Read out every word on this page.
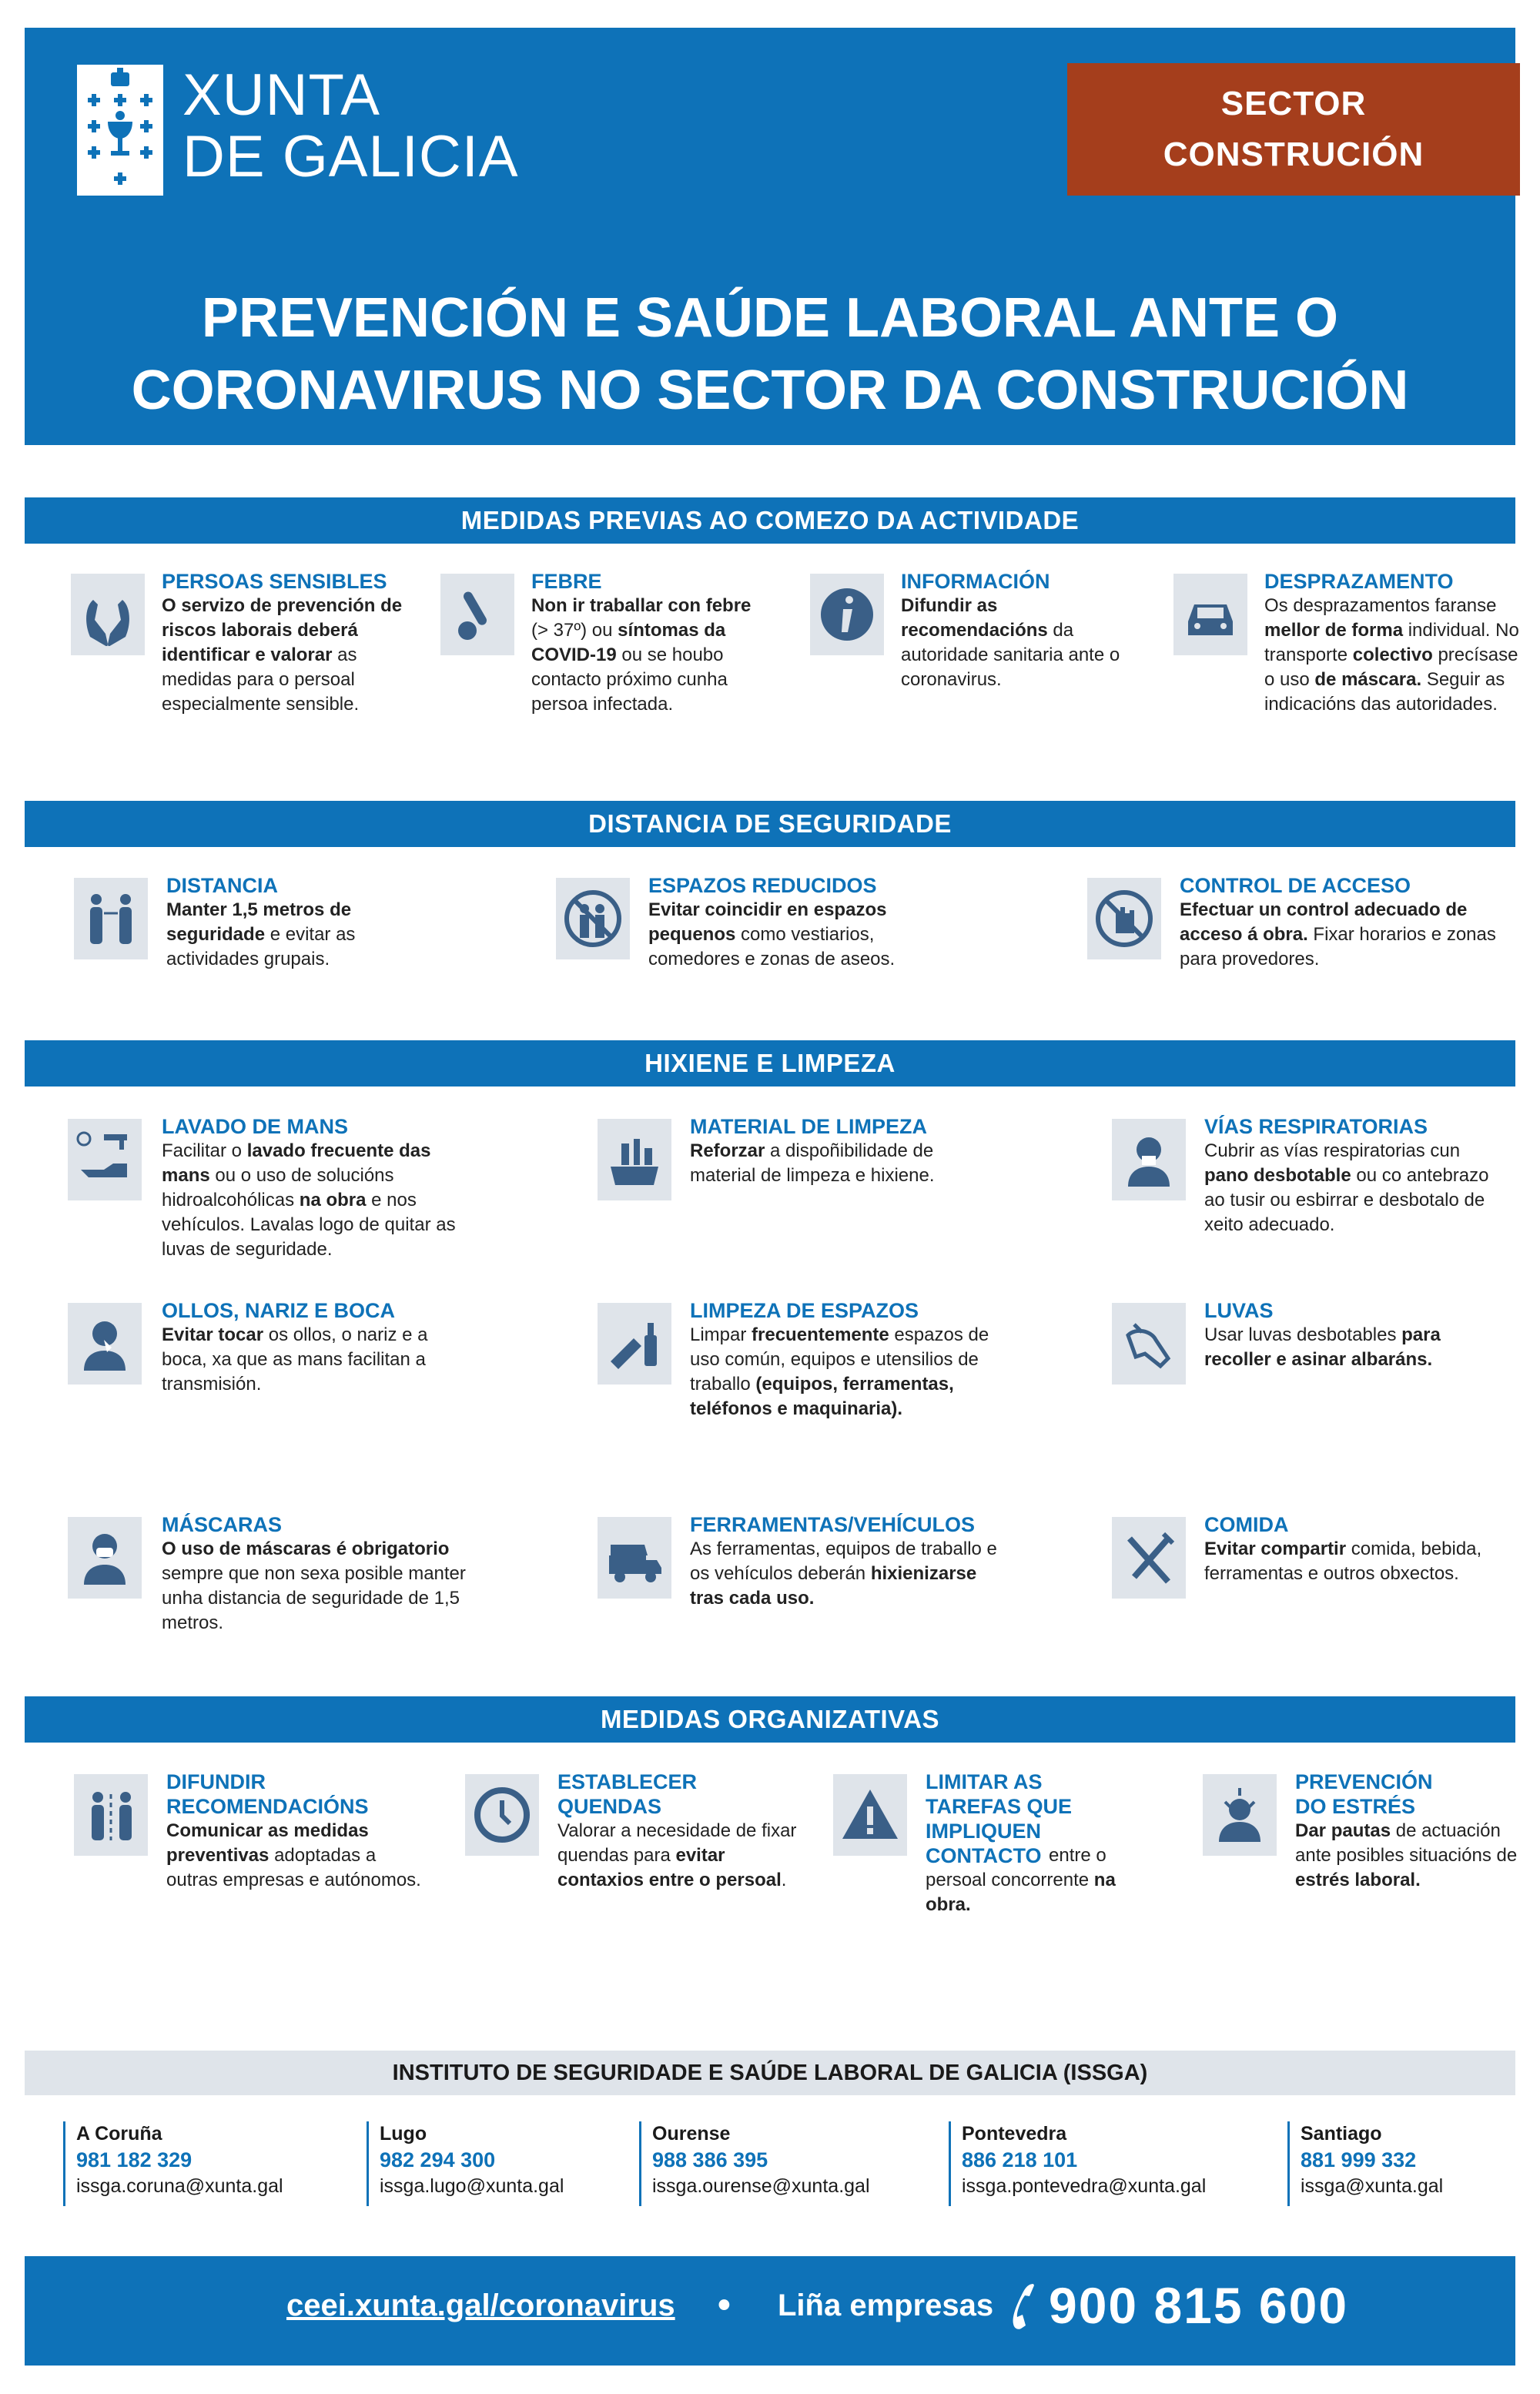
XUNTA
DE GALICIA
SECTOR
CONSTRUCIÓN
PREVENCIÓN E SAÚDE LABORAL ANTE O
CORONAVIRUS NO SECTOR DA CONSTRUCIÓN
MEDIDAS PREVIAS AO COMEZO DA ACTIVIDADE
DISTANCIA DE SEGURIDADE
HIXIENE E LIMPEZA
MEDIDAS ORGANIZATIVAS
INSTITUTO DE SEGURIDADE E SAÚDE LABORAL DE GALICIA (ISSGA)
ceei.xunta.gal/coronavirus • Liña empresas 900 815 600
PERSOAS SENSIBLES
O servizo de prevención de riscos laborais deberá identificar e valorar as medidas para o persoal especialmente sensible.
FEBRE
Non ir traballar con febre (> 37º) ou síntomas da COVID-19 ou se houbo contacto próximo cunha persoa infectada.
INFORMACIÓN
Difundir as recomendacións da autoridade sanitaria ante o coronavirus.
DESPRAZAMENTO
Os desprazamentos faranse mellor de forma individual. No transporte colectivo precísase o uso de máscara. Seguir as indicacións das autoridades.
DISTANCIA
Manter 1,5 metros de seguridade e evitar as actividades grupais.
ESPAZOS REDUCIDOS
Evitar coincidir en espazos pequenos como vestiarios, comedores e zonas de aseos.
CONTROL DE ACCESO
Efectuar un control adecuado de acceso á obra. Fixar horarios e zonas para provedores.
LAVADO DE MANS
Facilitar o lavado frecuente das mans ou o uso de solucións hidroalcohólicas na obra e nos vehículos. Lavalas logo de quitar as luvas de seguridade.
MATERIAL DE LIMPEZA
Reforzar a dispoñibilidade de material de limpeza e hixiene.
VÍAS RESPIRATORIAS
Cubrir as vías respiratorias cun pano desbotable ou co antebrazo ao tusir ou esbirrar e desbotalo de xeito adecuado.
OLLOS, NARIZ E BOCA
Evitar tocar os ollos, o nariz e a boca, xa que as mans facilitan a transmisión.
LIMPEZA DE ESPAZOS
Limpar frecuentemente espazos de uso común, equipos e utensilios de traballo (equipos, ferramentas, teléfonos e maquinaria).
LUVAS
Usar luvas desbotables para recoller e asinar albaráns.
MÁSCARAS
O uso de máscaras é obrigatorio sempre que non sexa posible manter unha distancia de seguridade de 1,5 metros.
FERRAMENTAS/VEHÍCULOS
As ferramentas, equipos de traballo e os vehículos deberán hixienizarse tras cada uso.
COMIDA
Evitar compartir comida, bebida, ferramentas e outros obxectos.
DIFUNDIR
RECOMENDACIÓNS
Comunicar as medidas preventivas adoptadas a outras empresas e autónomos.
ESTABLECER
QUENDAS
Valorar a necesidade de fixar quendas para evitar contaxios entre o persoal.
LIMITAR AS
TAREFAS QUE
IMPLIQUEN
CONTACTO entre o persoal concorrente na obra.
PREVENCIÓN
DO ESTRÉS
Dar pautas de actuación ante posibles situacións de estrés laboral.
A Coruña
981 182 329
issga.coruna@xunta.gal
Lugo
982 294 300
issga.lugo@xunta.gal
Ourense
988 386 395
issga.ourense@xunta.gal
Pontevedra
886 218 101
issga.pontevedra@xunta.gal
Santiago
881 999 332
issga@xunta.gal
